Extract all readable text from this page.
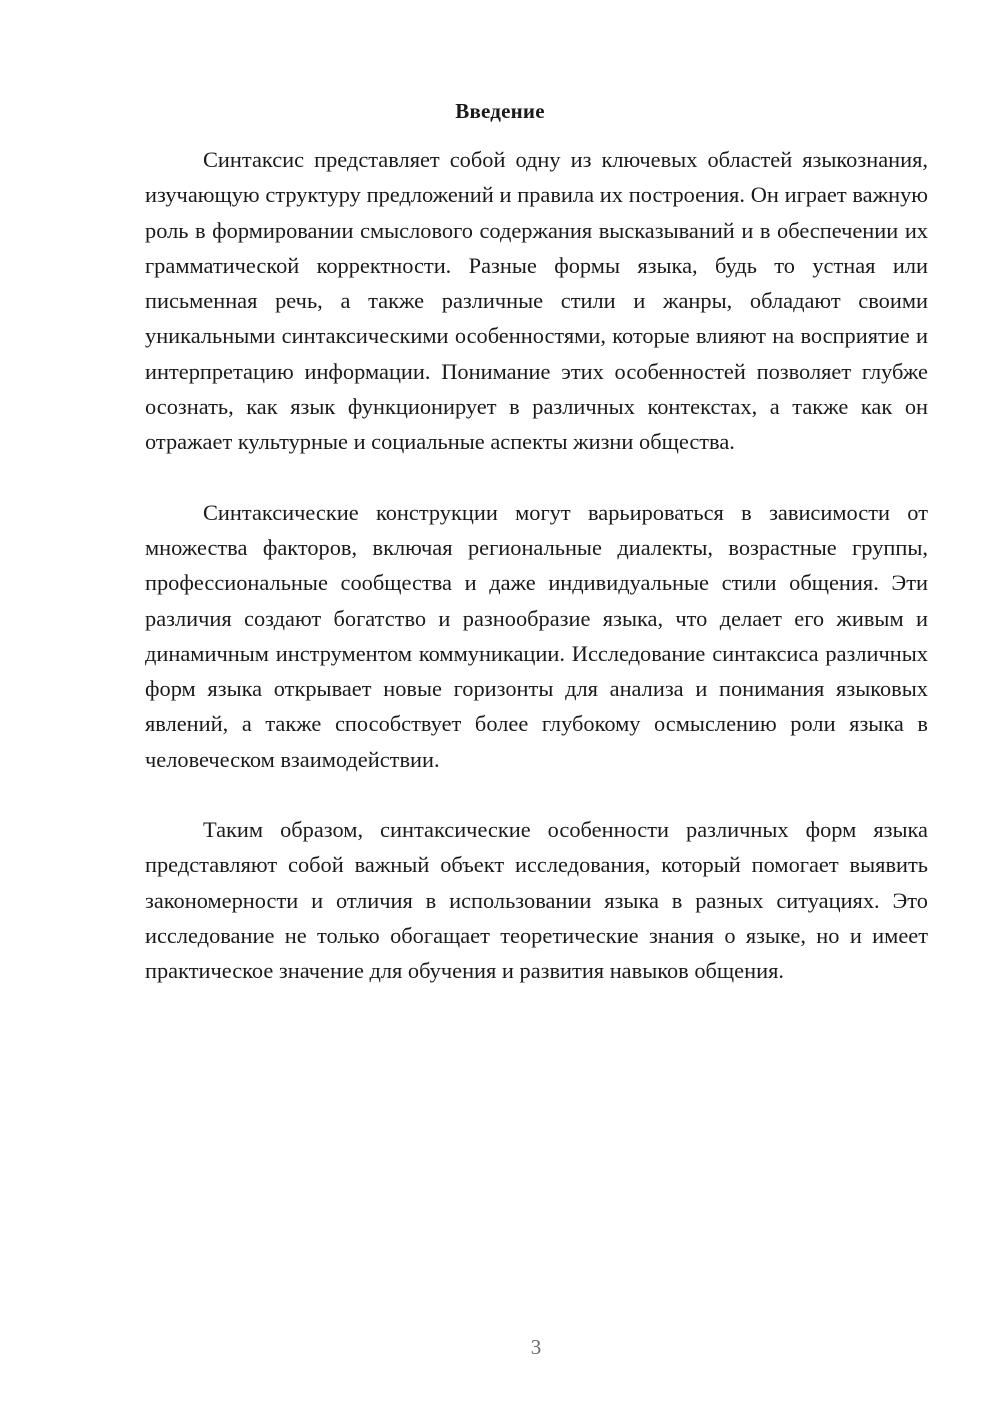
Введение

Синтаксис представляет собой одну из ключевых областей языкознания, изучающую структуру предложений и правила их построения. Он играет важную роль в формировании смыслового содержания высказываний и в обеспечении их грамматической корректности. Разные формы языка, будь то устная или письменная речь, а также различные стили и жанры, обладают своими уникальными синтаксическими особенностями, которые влияют на восприятие и интерпретацию информации. Понимание этих особенностей позволяет глубже осознать, как язык функционирует в различных контекстах, а также как он отражает культурные и социальные аспекты жизни общества.

Синтаксические конструкции могут варьироваться в зависимости от множества факторов, включая региональные диалекты, возрастные группы, профессиональные сообщества и даже индивидуальные стили общения. Эти различия создают богатство и разнообразие языка, что делает его живым и динамичным инструментом коммуникации. Исследование синтаксиса различных форм языка открывает новые горизонты для анализа и понимания языковых явлений, а также способствует более глубокому осмыслению роли языка в человеческом взаимодействии.

Таким образом, синтаксические особенности различных форм языка представляют собой важный объект исследования, который помогает выявить закономерности и отличия в использовании языка в разных ситуациях. Это исследование не только обогащает теоретические знания о языке, но и имеет практическое значение для обучения и развития навыков общения.

3
